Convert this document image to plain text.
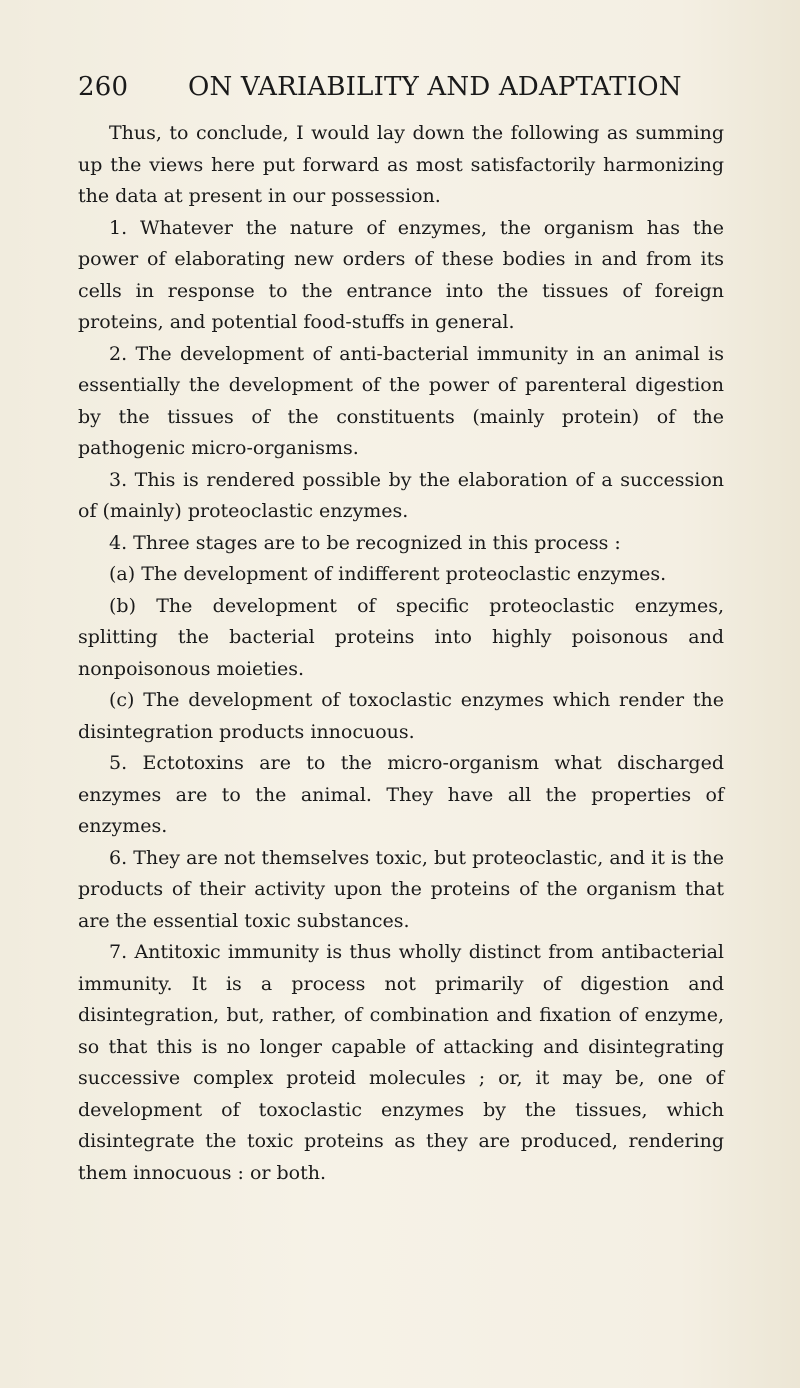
260	ON VARIABILITY AND ADAPTATION

Thus, to conclude, I would lay down the following as summing up the views here put forward as most satisfactorily harmonizing the data at present in our possession.

1. Whatever the nature of enzymes, the organism has the power of elaborating new orders of these bodies in and from its cells in response to the entrance into the tissues of foreign proteins, and potential food-stuffs in general.

2. The development of anti-bacterial immunity in an animal is essentially the development of the power of parenteral digestion by the tissues of the constituents (mainly protein) of the pathogenic micro-organisms.

3. This is rendered possible by the elaboration of a succession of (mainly) proteoclastic enzymes.

4. Three stages are to be recognized in this process :

(a) The development of indifferent proteoclastic enzymes.

(b) The development of specific proteoclastic enzymes, splitting the bacterial proteins into highly poisonous and nonpoisonous moieties.

(c) The development of toxoclastic enzymes which render the disintegration products innocuous.

5. Ectotoxins are to the micro-organism what discharged enzymes are to the animal. They have all the properties of enzymes.

6. They are not themselves toxic, but proteoclastic, and it is the products of their activity upon the proteins of the organism that are the essential toxic substances.

7. Antitoxic immunity is thus wholly distinct from antibacterial immunity. It is a process not primarily of digestion and disintegration, but, rather, of combination and fixation of enzyme, so that this is no longer capable of attacking and disintegrating successive complex proteid molecules ; or, it may be, one of development of toxoclastic enzymes by the tissues, which disintegrate the toxic proteins as they are produced, rendering them innocuous : or both.
